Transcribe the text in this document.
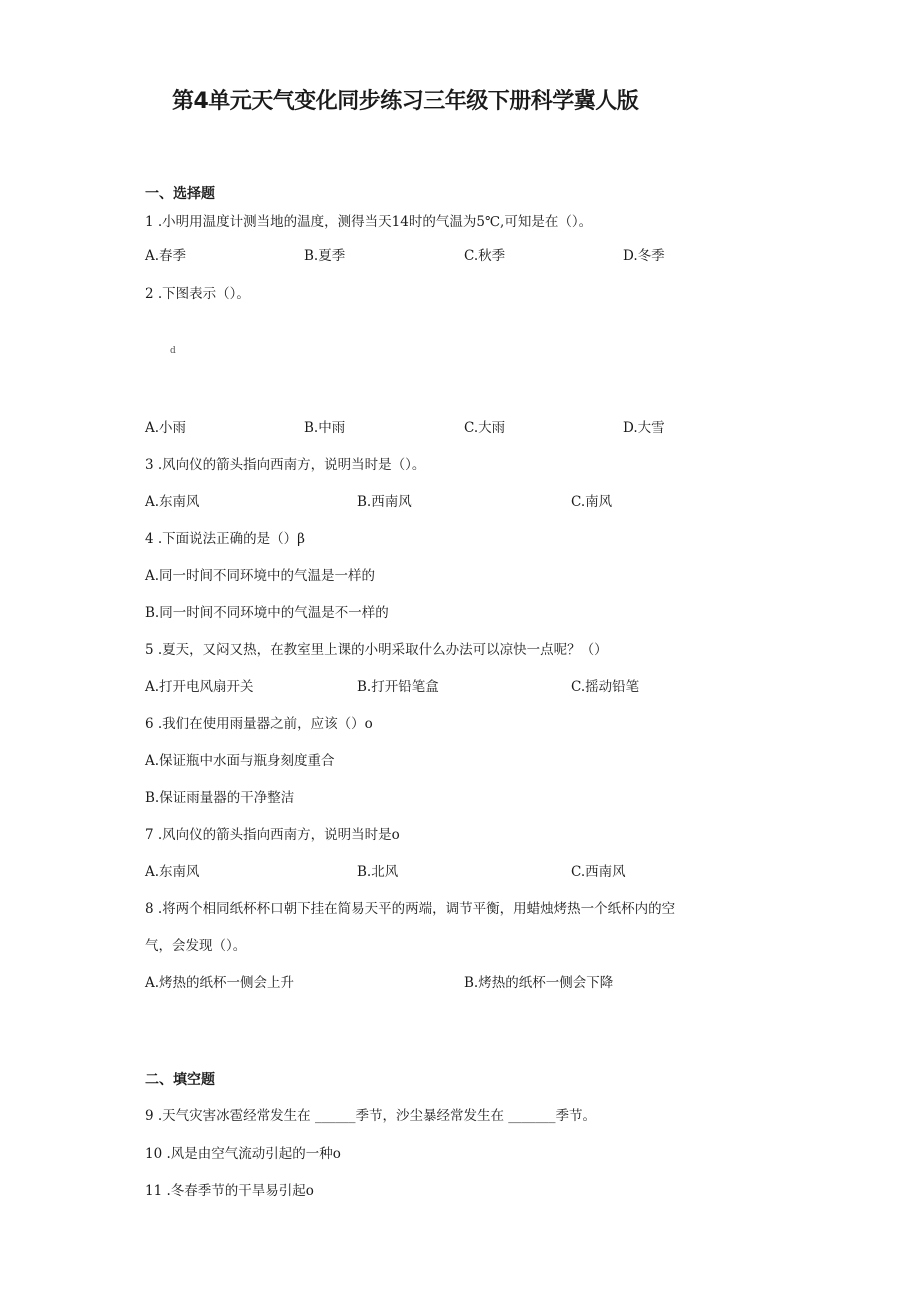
第4单元天气变化同步练习三年级下册科学冀人版
一、选择题
1 .小明用温度计测当地的温度，测得当天14时的气温为5℃,可知是在（）。
A.春季	B.夏季	C.秋季	D.冬季
2 .下图表示（）。
d
A.小雨	B.中雨	C.大雨	D.大雪
3 .风向仪的箭头指向西南方，说明当时是（）。
A.东南风	B.西南风	C.南风
4 .下面说法正确的是（）β
A.同一时间不同环境中的气温是一样的
B.同一时间不同环境中的气温是不一样的
5 .夏天，又闷又热，在教室里上课的小明采取什么办法可以凉快一点呢？（）
A.打开电风扇开关	B.打开铅笔盒	C.摇动铅笔
6 .我们在使用雨量器之前，应该（）o
A.保证瓶中水面与瓶身刻度重合
B.保证雨量器的干净整洁
7 .风向仪的箭头指向西南方，说明当时是o
A.东南风	B.北风	C.西南风
8 .将两个相同纸杯杯口朝下挂在简易天平的两端，调节平衡，用蜡烛烤热一个纸杯内的空
气，会发现（）。
A.烤热的纸杯一侧会上升	B.烤热的纸杯一侧会下降
二、填空题
9 .天气灾害冰雹经常发生在 ______季节，沙尘暴经常发生在 _______季节。
10 .风是由空气流动引起的一种o
11 .冬春季节的干旱易引起o
